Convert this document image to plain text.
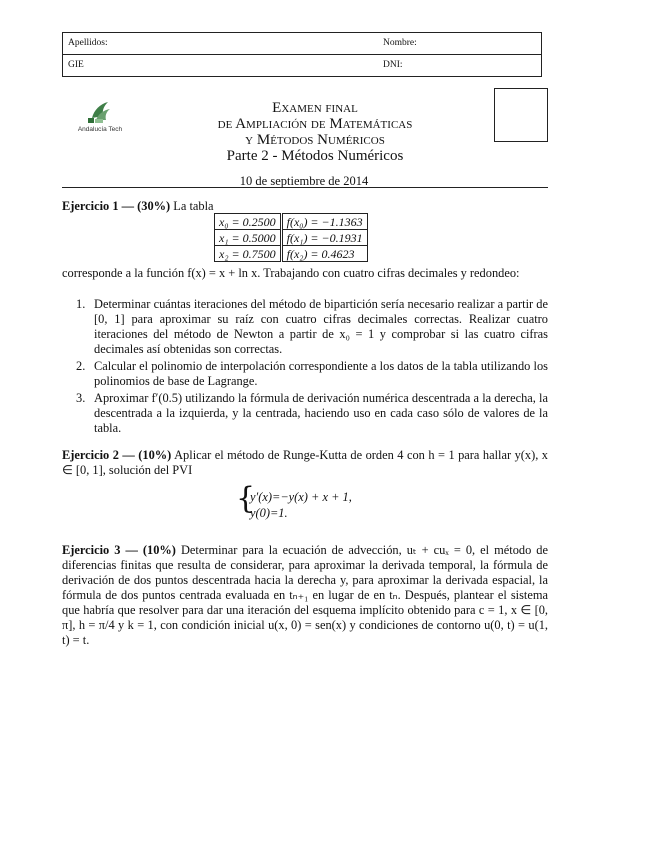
Apellidos:	Nombre:
GIE	DNI:
Andalucía Tech
Examen final
de Ampliación de Matemáticas
y Métodos Numéricos
Parte 2 - Métodos Numéricos
10 de septiembre de 2014
Ejercicio 1 — (30%) La tabla
x₀ = 0.2500	f(x₀) = −1.1363
x₁ = 0.5000	f(x₁) = −0.1931
x₂ = 0.7500	f(x₂) = 0.4623
corresponde a la función f(x) = x + ln x. Trabajando con cuatro cifras decimales y redondeo:
1. Determinar cuántas iteraciones del método de bipartición sería necesario realizar a partir de [0, 1] para aproximar su raíz con cuatro cifras decimales correctas. Realizar cuatro iteraciones del método de Newton a partir de x₀ = 1 y comprobar si las cuatro cifras decimales así obtenidas son correctas.
2. Calcular el polinomio de interpolación correspondiente a los datos de la tabla utilizando los polinomios de base de Lagrange.
3. Aproximar f′(0.5) utilizando la fórmula de derivación numérica descentrada a la derecha, la descentrada a la izquierda, y la centrada, haciendo uso en cada caso sólo de valores de la tabla.
Ejercicio 2 — (10%) Aplicar el método de Runge-Kutta de orden 4 con h = 1 para hallar y(x), x ∈ [0, 1], solución del PVI
{
y′(x)=−y(x) + x + 1,
y(0)=1.
Ejercicio 3 — (10%) Determinar para la ecuación de advección, uₜ + cuₓ = 0, el método de diferencias finitas que resulta de considerar, para aproximar la derivada temporal, la fórmula de derivación de dos puntos descentrada hacia la derecha y, para aproximar la derivada espacial, la fórmula de dos puntos centrada evaluada en tₙ₊₁ en lugar de en tₙ. Después, plantear el sistema que habría que resolver para dar una iteración del esquema implícito obtenido para c = 1, x ∈ [0, π], h = π/4 y k = 1, con condición inicial u(x, 0) = sen(x) y condiciones de contorno u(0, t) = u(1, t) = t.
